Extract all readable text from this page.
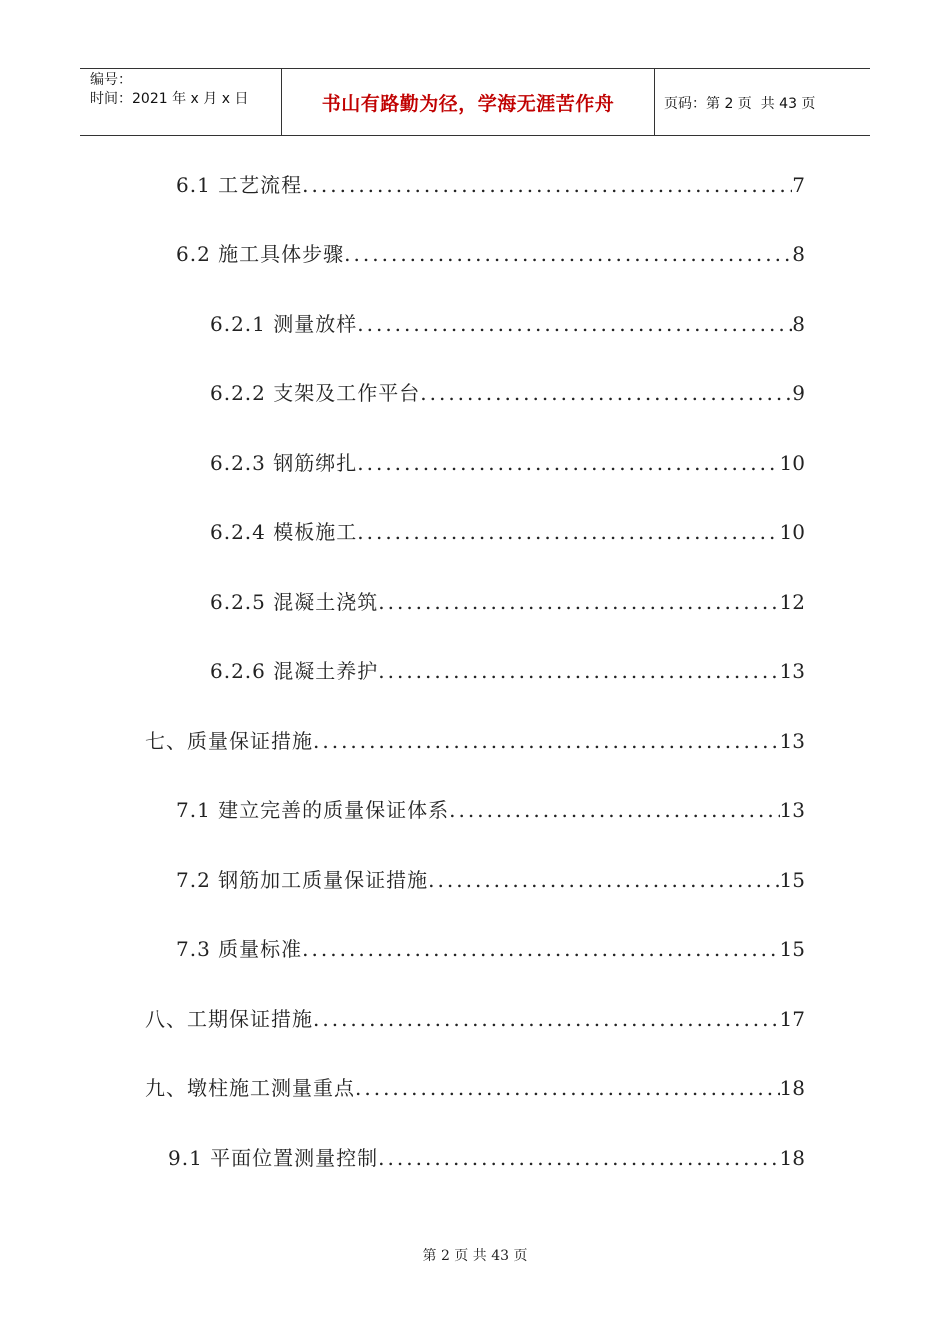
编号：
时间：2021 年 x 月 x 日	书山有路勤为径，学海无涯苦作舟	页码：第 2 页  共 43 页
6.1 工艺流程 .....	7
6.2 施工具体步骤 .....	8
6.2.1 测量放样 .....	8
6.2.2 支架及工作平台 .....	9
6.2.3 钢筋绑扎 .....	10
6.2.4 模板施工 .....	10
6.2.5 混凝土浇筑 .....	12
6.2.6 混凝土养护 .....	13
七、质量保证措施 .....	13
7.1 建立完善的质量保证体系 .....	13
7.2 钢筋加工质量保证措施 .....	15
7.3 质量标准 .....	15
八、工期保证措施 .....	17
九、墩柱施工测量重点 .....	18
9.1 平面位置测量控制 .....	18
第 2 页 共 43 页
